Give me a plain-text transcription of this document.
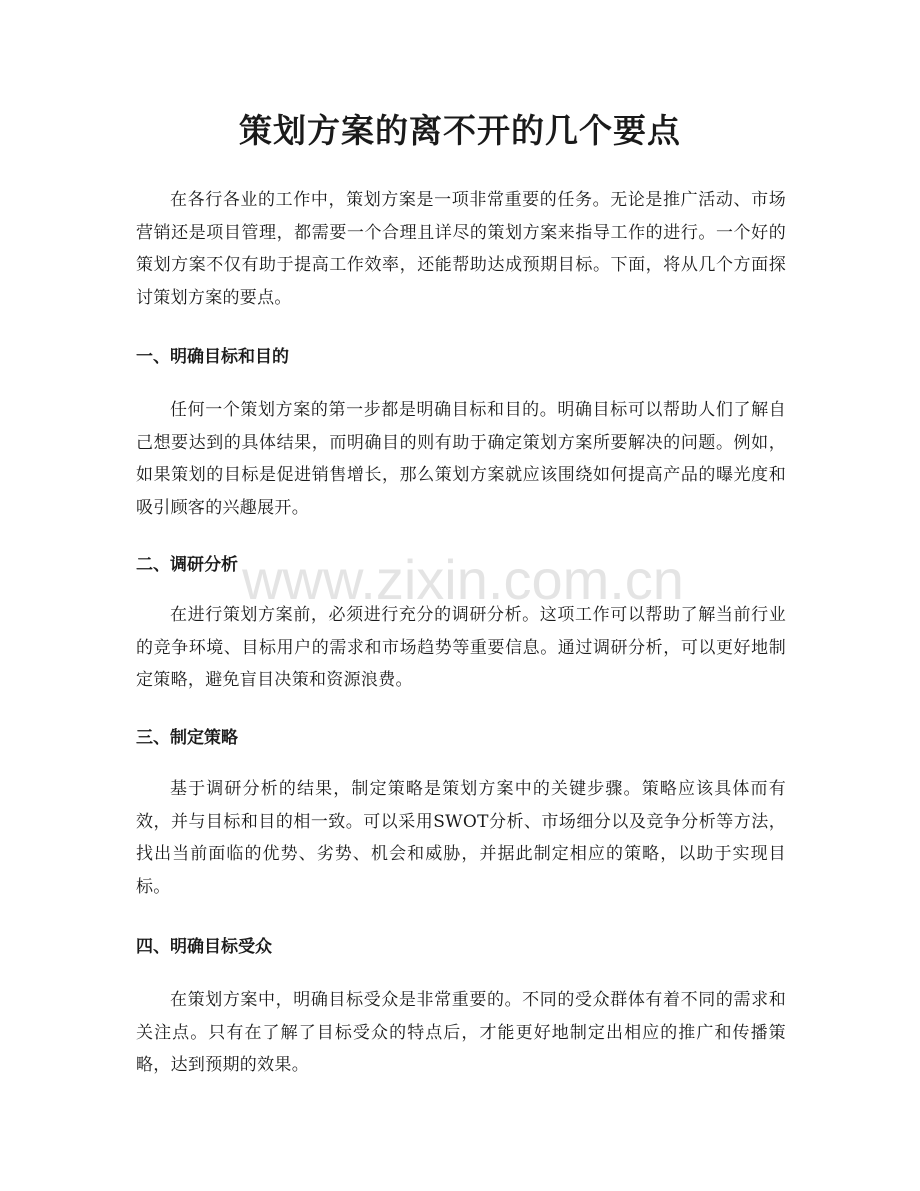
策划方案的离不开的几个要点

在各行各业的工作中，策划方案是一项非常重要的任务。无论是推广活动、市场营销还是项目管理，都需要一个合理且详尽的策划方案来指导工作的进行。一个好的策划方案不仅有助于提高工作效率，还能帮助达成预期目标。下面，将从几个方面探讨策划方案的要点。

一、明确目标和目的

任何一个策划方案的第一步都是明确目标和目的。明确目标可以帮助人们了解自己想要达到的具体结果，而明确目的则有助于确定策划方案所要解决的问题。例如，如果策划的目标是促进销售增长，那么策划方案就应该围绕如何提高产品的曝光度和吸引顾客的兴趣展开。

二、调研分析

在进行策划方案前，必须进行充分的调研分析。这项工作可以帮助了解当前行业的竞争环境、目标用户的需求和市场趋势等重要信息。通过调研分析，可以更好地制定策略，避免盲目决策和资源浪费。

三、制定策略

基于调研分析的结果，制定策略是策划方案中的关键步骤。策略应该具体而有效，并与目标和目的相一致。可以采用SWOT分析、市场细分以及竞争分析等方法，找出当前面临的优势、劣势、机会和威胁，并据此制定相应的策略，以助于实现目标。

四、明确目标受众

在策划方案中，明确目标受众是非常重要的。不同的受众群体有着不同的需求和关注点。只有在了解了目标受众的特点后，才能更好地制定出相应的推广和传播策略，达到预期的效果。

www.zixin.com.cn
